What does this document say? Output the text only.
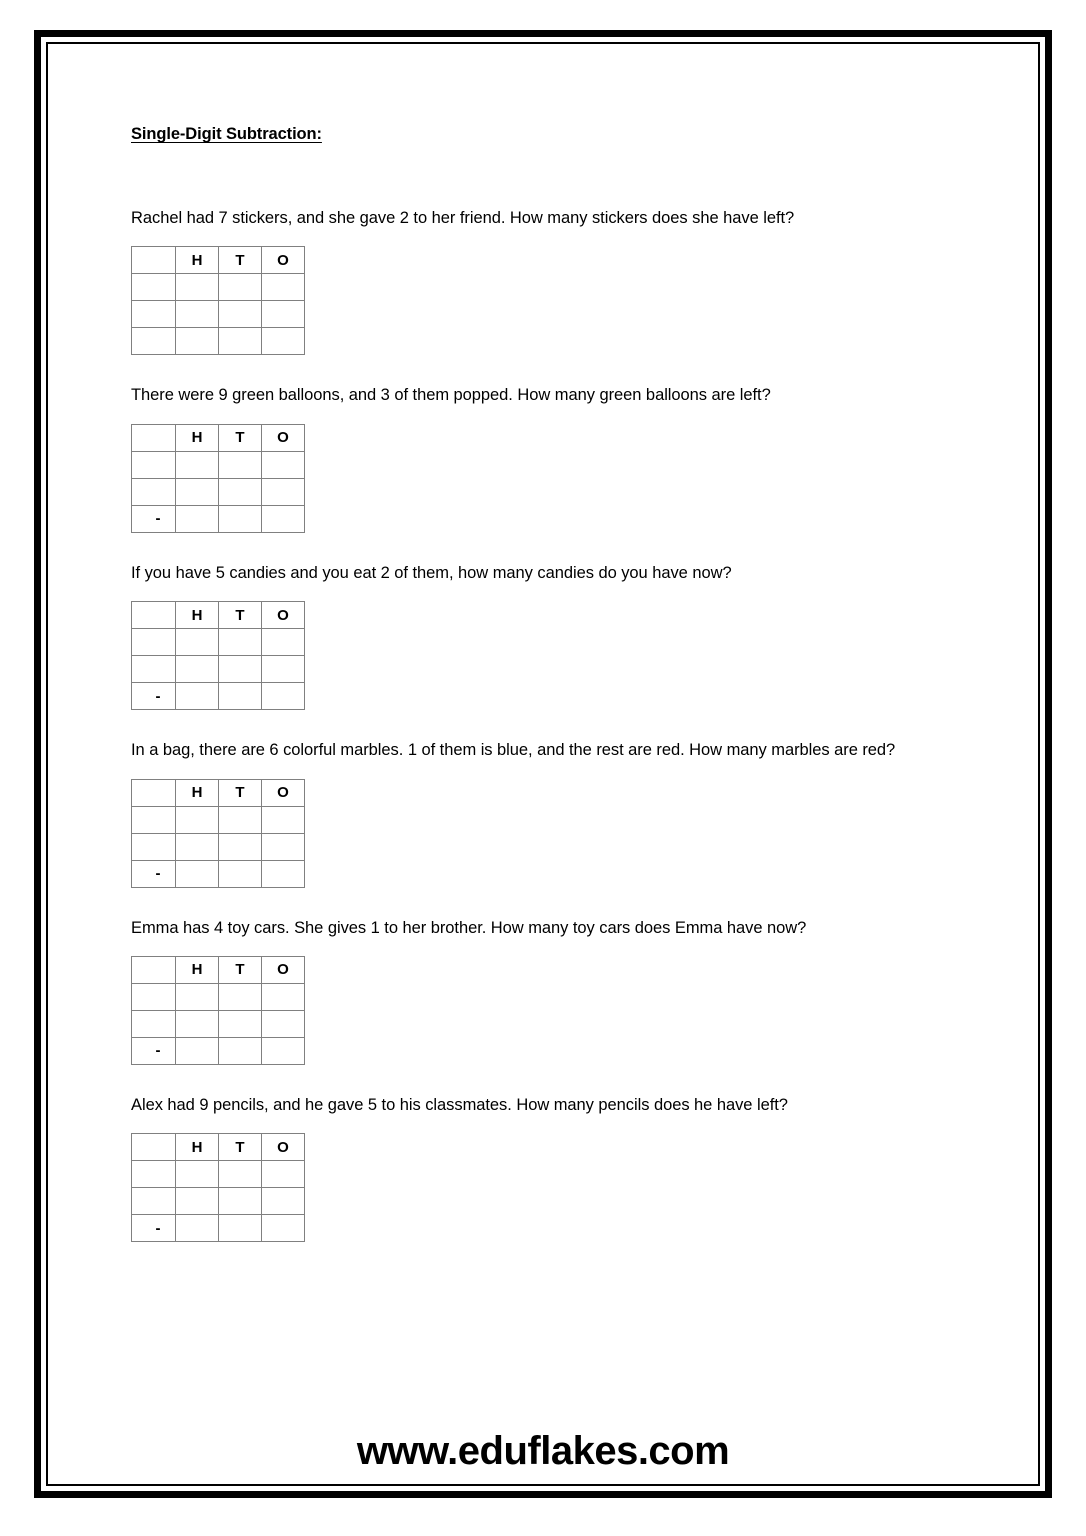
Single-Digit Subtraction:
Rachel had 7 stickers, and she gave 2 to her friend. How many stickers does she have left?
	H	T	O

There were 9 green balloons, and 3 of them popped. How many green balloons are left?
	H	T	O

-			
If you have 5 candies and you eat 2 of them, how many candies do you have now?
	H	T	O

-			
In a bag, there are 6 colorful marbles. 1 of them is blue, and the rest are red. How many marbles are red?
	H	T	O

-			
Emma has 4 toy cars. She gives 1 to her brother. How many toy cars does Emma have now?
	H	T	O

-			
Alex had 9 pencils, and he gave 5 to his classmates. How many pencils does he have left?
	H	T	O

-			
www.eduflakes.com
